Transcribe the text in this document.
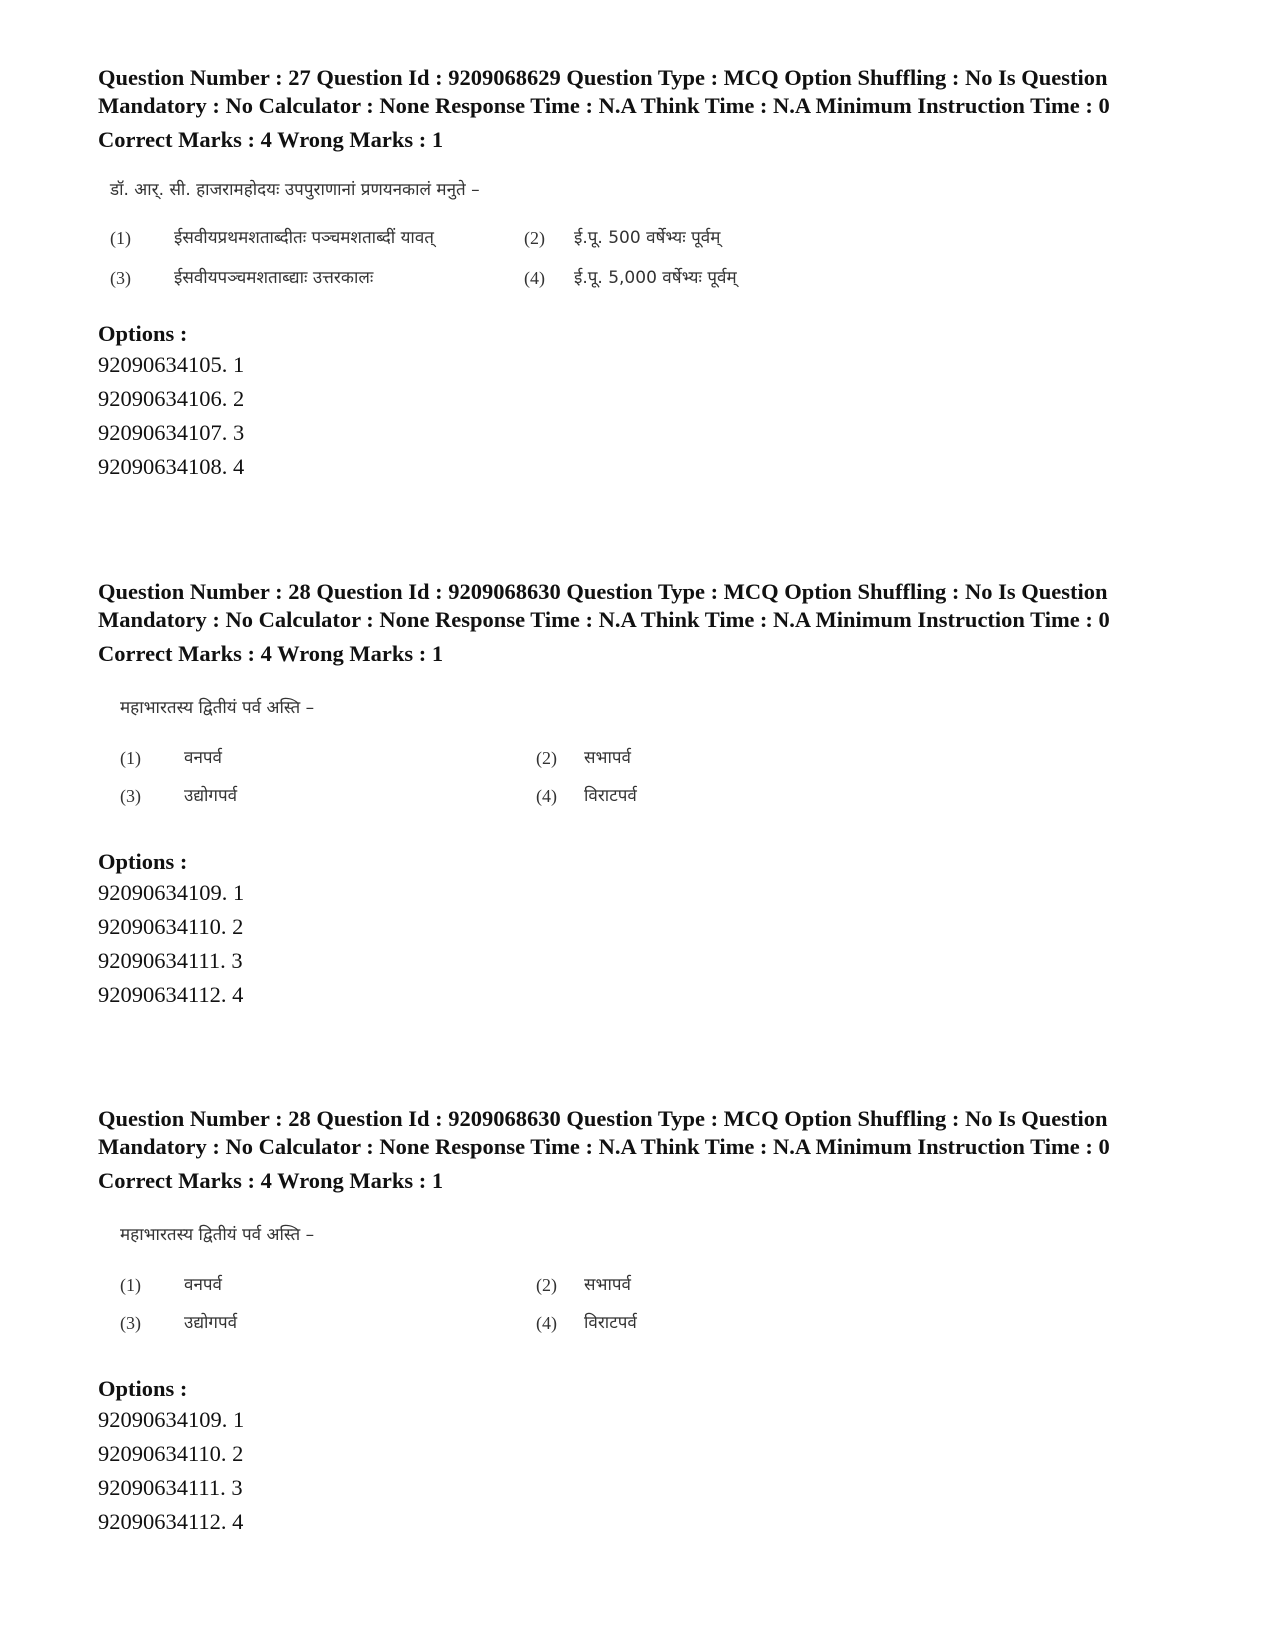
Question Number : 27 Question Id : 9209068629 Question Type : MCQ Option Shuffling : No Is Question Mandatory : No Calculator : None Response Time : N.A Think Time : N.A Minimum Instruction Time : 0

Correct Marks : 4 Wrong Marks : 1
डॉ. आर्. सी. हाजरामहोदयः उपपुराणानां प्रणयनकालं मनुते –
(1)	ईसवीयप्रथमशताब्दीतः पञ्चमशताब्दीं यावत्	(2) ई.पू. 500 वर्षेभ्यः पूर्वम्
(3)	ईसवीयपञ्चमशताब्द्याः उत्तरकालः	(4) ई.पू. 5,000 वर्षेभ्यः पूर्वम्
Options :
92090634105. 1
92090634106. 2
92090634107. 3
92090634108. 4

Question Number : 28 Question Id : 9209068630 Question Type : MCQ Option Shuffling : No Is Question Mandatory : No Calculator : None Response Time : N.A Think Time : N.A Minimum Instruction Time : 0

Correct Marks : 4 Wrong Marks : 1
महाभारतस्य द्वितीयं पर्व अस्ति –
(1)	वनपर्व	(2) सभापर्व
(3)	उद्योगपर्व	(4) विराटपर्व
Options :
92090634109. 1
92090634110. 2
92090634111. 3
92090634112. 4

Question Number : 28 Question Id : 9209068630 Question Type : MCQ Option Shuffling : No Is Question Mandatory : No Calculator : None Response Time : N.A Think Time : N.A Minimum Instruction Time : 0

Correct Marks : 4 Wrong Marks : 1
महाभारतस्य द्वितीयं पर्व अस्ति –
(1)	वनपर्व	(2) सभापर्व
(3)	उद्योगपर्व	(4) विराटपर्व
Options :
92090634109. 1
92090634110. 2
92090634111. 3
92090634112. 4
